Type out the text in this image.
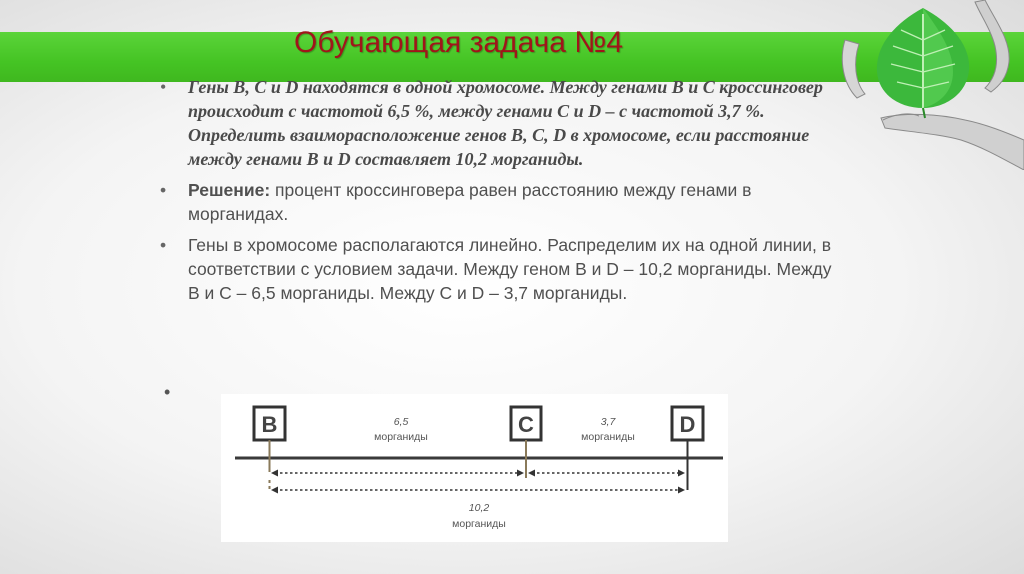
Обучающая задача №4
• Гены B, C и D находятся в одной хромосоме. Между генами B и C кроссинговер происходит с частотой 6,5 %, между генами C и D – с частотой 3,7 %. Определить взаиморасположение генов B, C, D в хромосоме, если расстояние между генами B и D составляет 10,2 морганиды.
• Решение: процент кроссинговера равен расстоянию между генами в морганидах.
• Гены в хромосоме располагаются линейно. Распределим их на одной линии, в соответствии с условием задачи. Между геном B и D – 10,2 морганиды. Между B и C – 6,5 морганиды. Между C и D – 3,7 морганиды.
•
B	C	D
6,5
морганиды
3,7
морганиды
10,2
морганиды
